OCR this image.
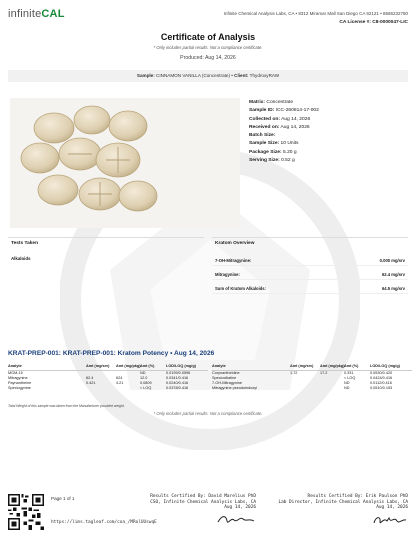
infiniteCAL	Infinite Chemical Analysis Labs, CA • 8312 Miramar Mall San Diego CA 92121 • 8586232780
CA License #: C8-0000047-LIC
Certificate of Analysis
* Only includes partial results. Not a compliance certificate.
Produced: Aug 14, 2026
Sample: CINNAMON VANILLA (Concentrate) • Client: ThydroxyRAW
Matrix: Concentrate
Sample ID: ICC-260814-17-002
Collected on: Aug 14, 2026
Received on: Aug 14, 2026
Batch Size:
Sample Size: 10 Units
Package Size: 5.20 g
Serving Size: 0.52 g
Tests Taken
Alkaloids
Kratom Overview
7-OH-Mitragynine:	0.000 mg/srv
Mitragynine:	62.4 mg/srv
Sum of Kratom Alkaloids:	64.5 mg/srv
KRAT-PREP-001: KRAT-PREP-001: Kratom Potency • Aug 14, 2026
Analyte	Amt (mg/srv) Amt (mg/pkg) Amt (%)	LOD/LOQ (mg/g)
MGM-15	ND	0.0199/0.0596
Mitragynine	62.4	624	12.0	0.0341/0.416
Paynantheine	0.421	4.21	0.0809	0.0240/0.416
Speciogynine	< LOQ	0.0378/0.416
Analyte	Amt (mg/srv) Amt (mg/pkg) Amt (%)	LOD/LOQ (mg/g)
Corynantheidine	1.72	17.2	0.331	0.0530/0.420
Speciociliatine	< LOQ	0.0424/0.416
7-OH-Mitragynine	ND	0.0112/0.416
Mitragynine pseudoindoxyl	ND	0.0510/0.153
Total Weight of this sample was taken from the Manufacturer provided weight.
* Only includes partial results. Not a compliance certificate.
Page 1 of 1
https://lims.tagleaf.com/coa_/MRolUUswqE
Results Certified By: David Marelius PhD
CSO, Infinite Chemical Analysis Labs, CA
Aug 14, 2026
Results Certified By: Erik Paulson PhD
Lab Director, Infinite Chemical Analysis Labs, CA
Aug 14, 2026
